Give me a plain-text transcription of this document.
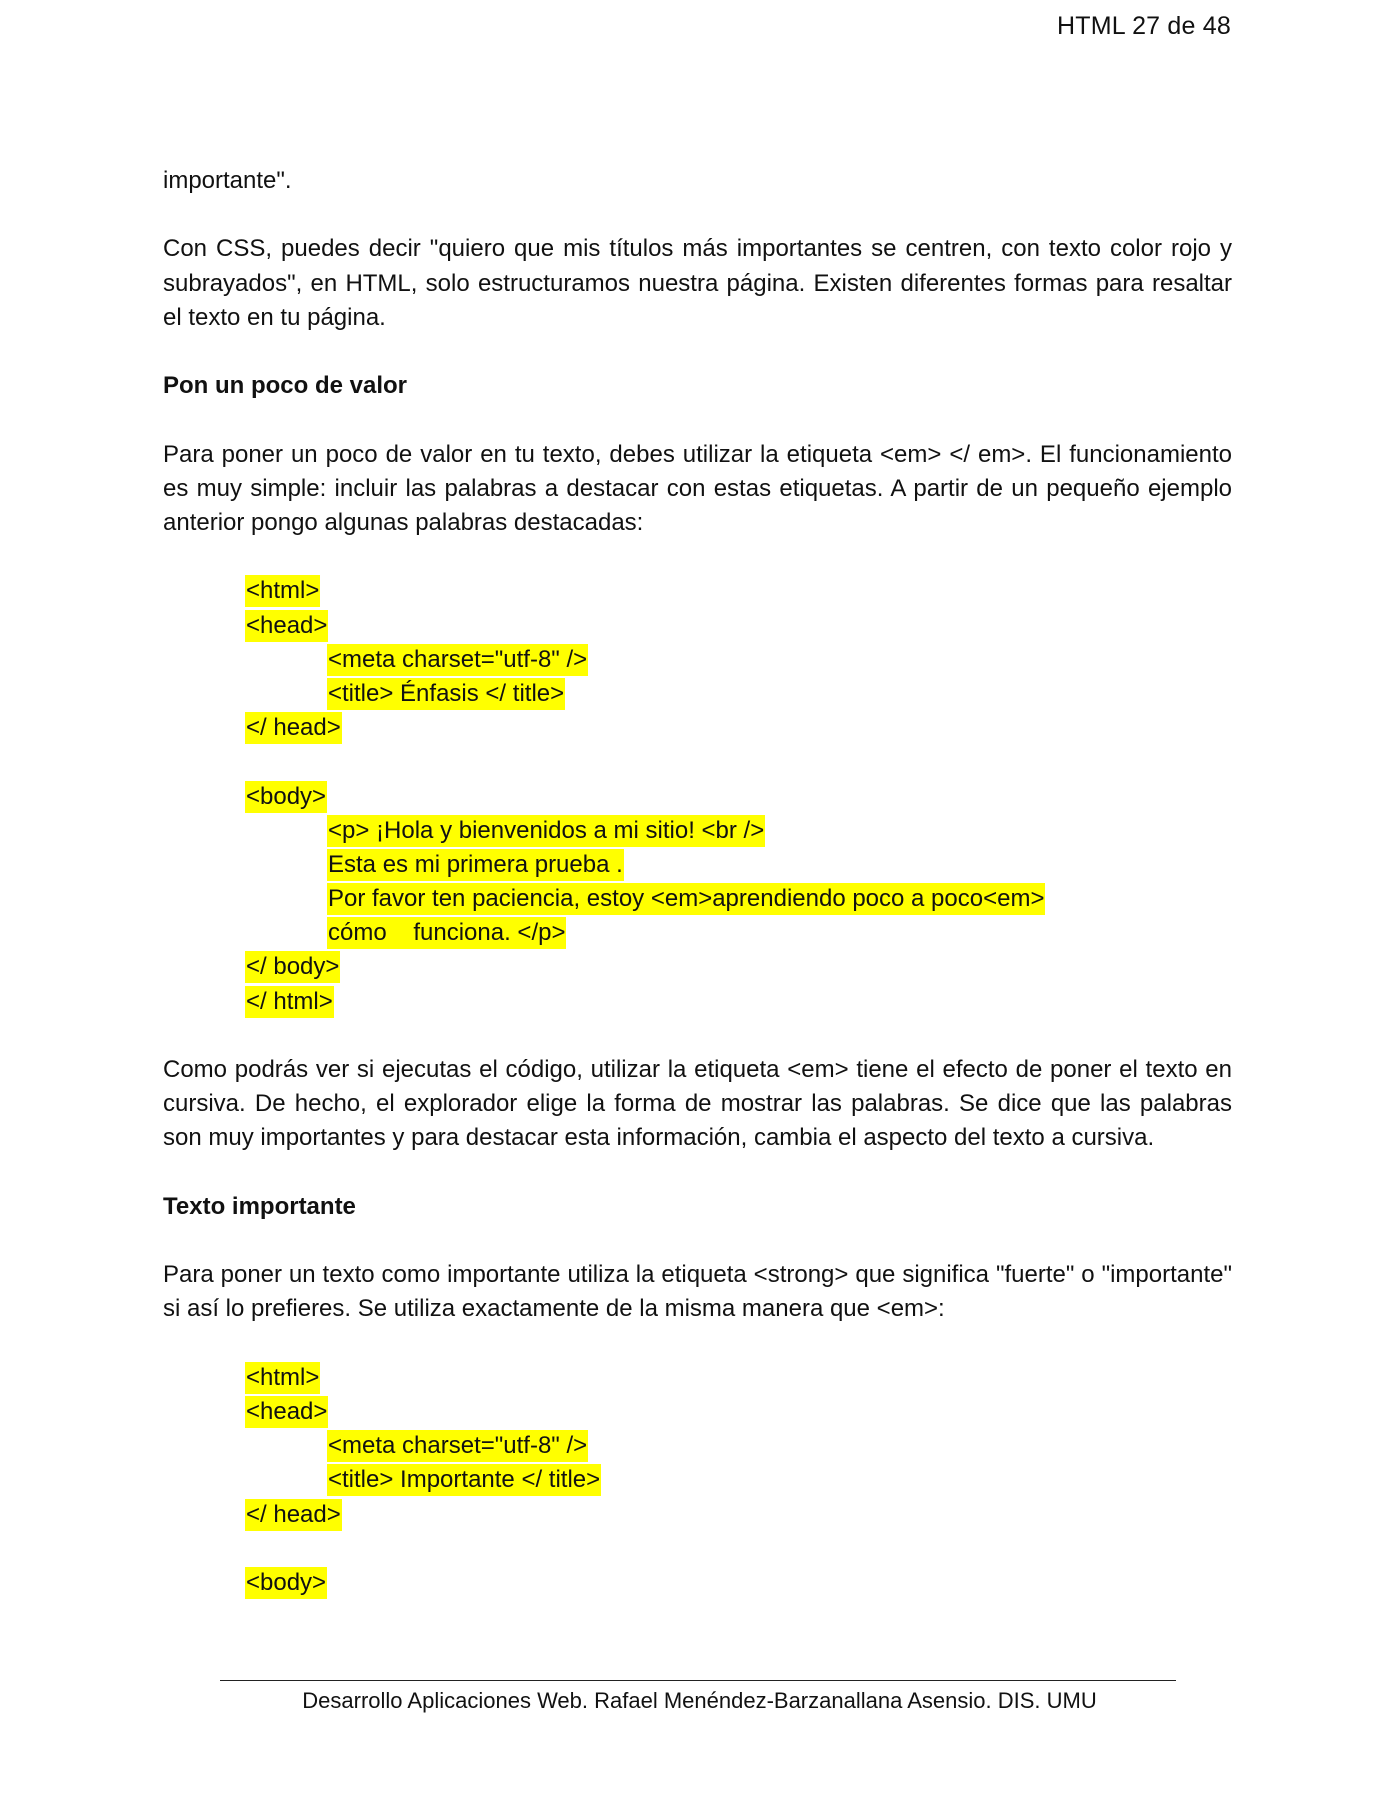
HTML 27 de 48

importante".

Con CSS, puedes decir "quiero que mis títulos más importantes se centren, con texto color rojo y subrayados", en HTML, solo estructuramos nuestra página. Existen diferentes formas para resaltar el texto en tu página.

Pon un poco de valor

Para poner un poco de valor en tu texto, debes utilizar la etiqueta <em> </ em>. El funcionamiento es muy simple: incluir las palabras a destacar con estas etiquetas. A partir de un pequeño ejemplo anterior pongo algunas palabras destacadas:

<html>
<head>
<meta charset="utf-8" />
<title> Énfasis </ title>
</ head>
<body>
<p> ¡Hola y bienvenidos a mi sitio! <br />
Esta es mi primera prueba .
Por favor ten paciencia, estoy <em>aprendiendo poco a poco<em>
cómo    funciona. </p>
</ body>
</ html>

Como podrás ver si ejecutas el código, utilizar la etiqueta <em> tiene el efecto de poner el texto en cursiva. De hecho, el explorador elige la forma de mostrar las palabras. Se dice que las palabras son muy importantes y para destacar esta información, cambia el aspecto del texto a cursiva.

Texto importante

Para poner un texto como importante utiliza la etiqueta <strong> que significa "fuerte" o "importante" si así lo prefieres. Se utiliza exactamente de la misma manera que <em>:

<html>
<head>
<meta charset="utf-8" />
<title> Importante </ title>
</ head>
<body>
Desarrollo Aplicaciones Web. Rafael Menéndez-Barzanallana Asensio. DIS. UMU
